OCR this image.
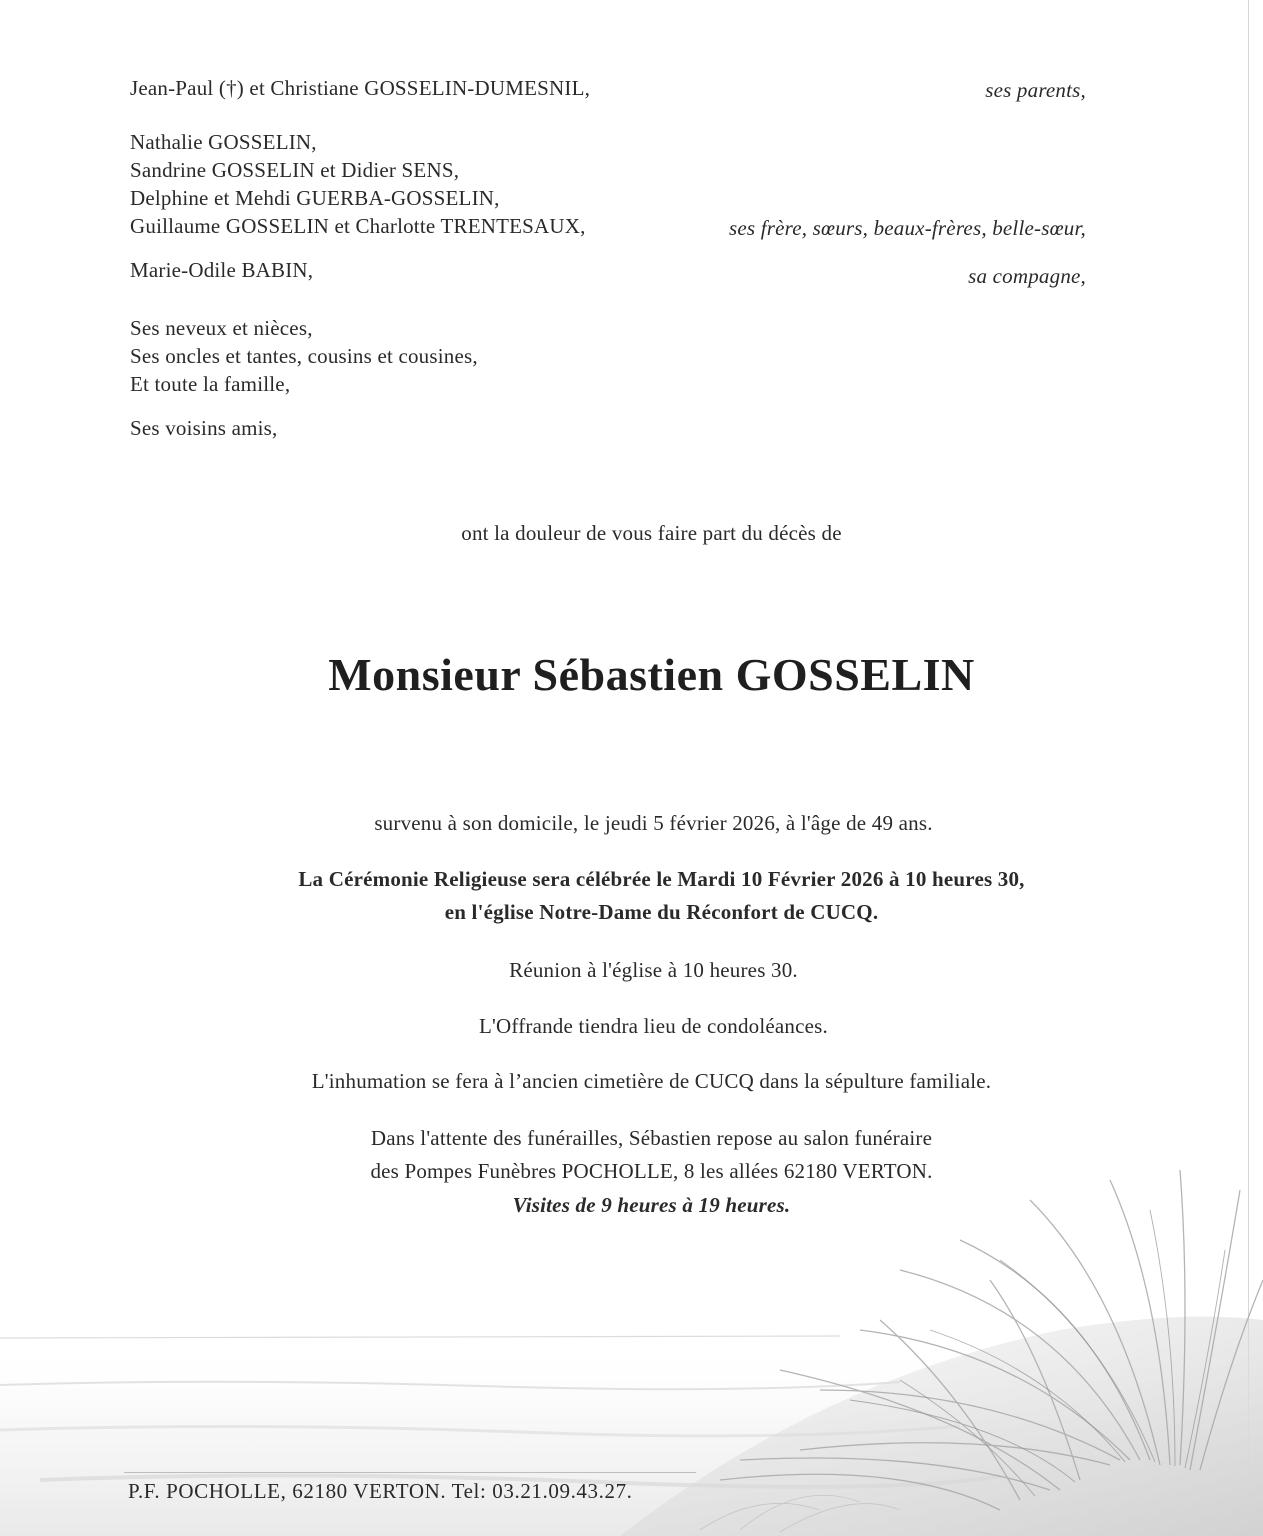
Jean-Paul (†) et Christiane GOSSELIN-DUMESNIL,	ses parents,
Nathalie GOSSELIN,
Sandrine GOSSELIN et Didier SENS,
Delphine et Mehdi GUERBA-GOSSELIN,
Guillaume GOSSELIN et Charlotte TRENTESAUX,	ses frère, sœurs, beaux-frères, belle-sœur,
Marie-Odile BABIN,	sa compagne,
Ses neveux et nièces,
Ses oncles et tantes, cousins et cousines,
Et toute la famille,
Ses voisins amis,
ont la douleur de vous faire part du décès de
Monsieur Sébastien GOSSELIN
survenu à son domicile, le jeudi 5 février 2026, à l'âge de 49 ans.
La Cérémonie Religieuse sera célébrée le Mardi 10 Février 2026 à 10 heures 30,
en l'église Notre-Dame du Réconfort de CUCQ.
Réunion à l'église à 10 heures 30.
L'Offrande tiendra lieu de condoléances.
L'inhumation se fera à l’ancien cimetière de CUCQ dans la sépulture familiale.
Dans l'attente des funérailles, Sébastien repose au salon funéraire
des Pompes Funèbres POCHOLLE, 8 les allées 62180 VERTON.
Visites de 9 heures à 19 heures.
P.F. POCHOLLE, 62180 VERTON. Tel: 03.21.09.43.27.
